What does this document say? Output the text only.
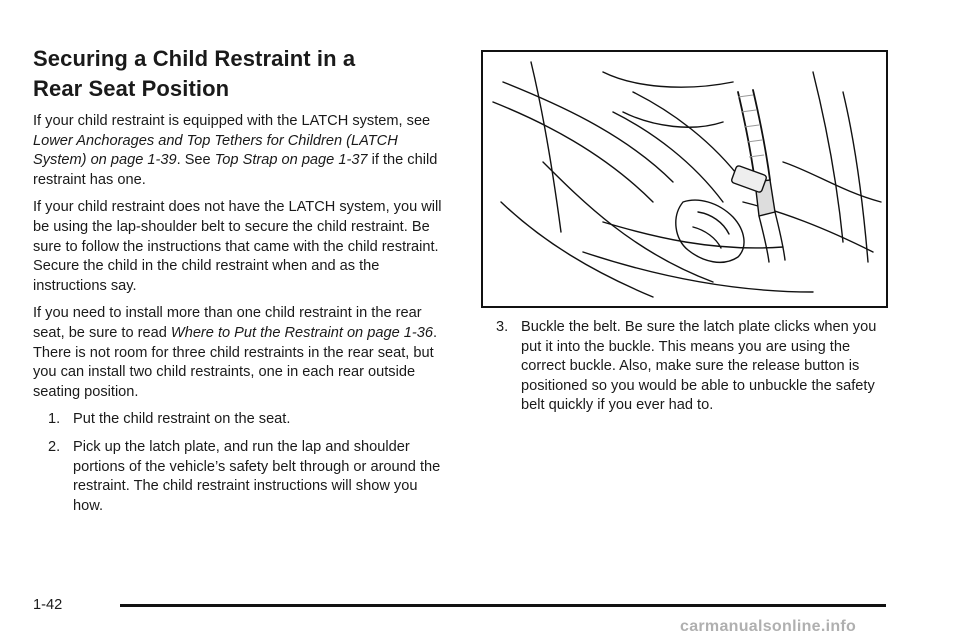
Securing a Child Restraint in a
Rear Seat Position

If your child restraint is equipped with the LATCH system, see Lower Anchorages and Top Tethers for Children (LATCH System) on page 1-39. See Top Strap on page 1-37 if the child restraint has one.

If your child restraint does not have the LATCH system, you will be using the lap-shoulder belt to secure the child restraint. Be sure to follow the instructions that came with the child restraint. Secure the child in the child restraint when and as the instructions say.

If you need to install more than one child restraint in the rear seat, be sure to read Where to Put the Restraint on page 1-36. There is not room for three child restraints in the rear seat, but you can install two child restraints, one in each rear outside seating position.

1. Put the child restraint on the seat.

2. Pick up the latch plate, and run the lap and shoulder portions of the vehicle’s safety belt through or around the restraint. The child restraint instructions will show you how.

3. Buckle the belt. Be sure the latch plate clicks when you put it into the buckle. This means you are using the correct buckle. Also, make sure the release button is positioned so you would be able to unbuckle the safety belt quickly if you ever had to.

1-42
carmanualsonline.info
